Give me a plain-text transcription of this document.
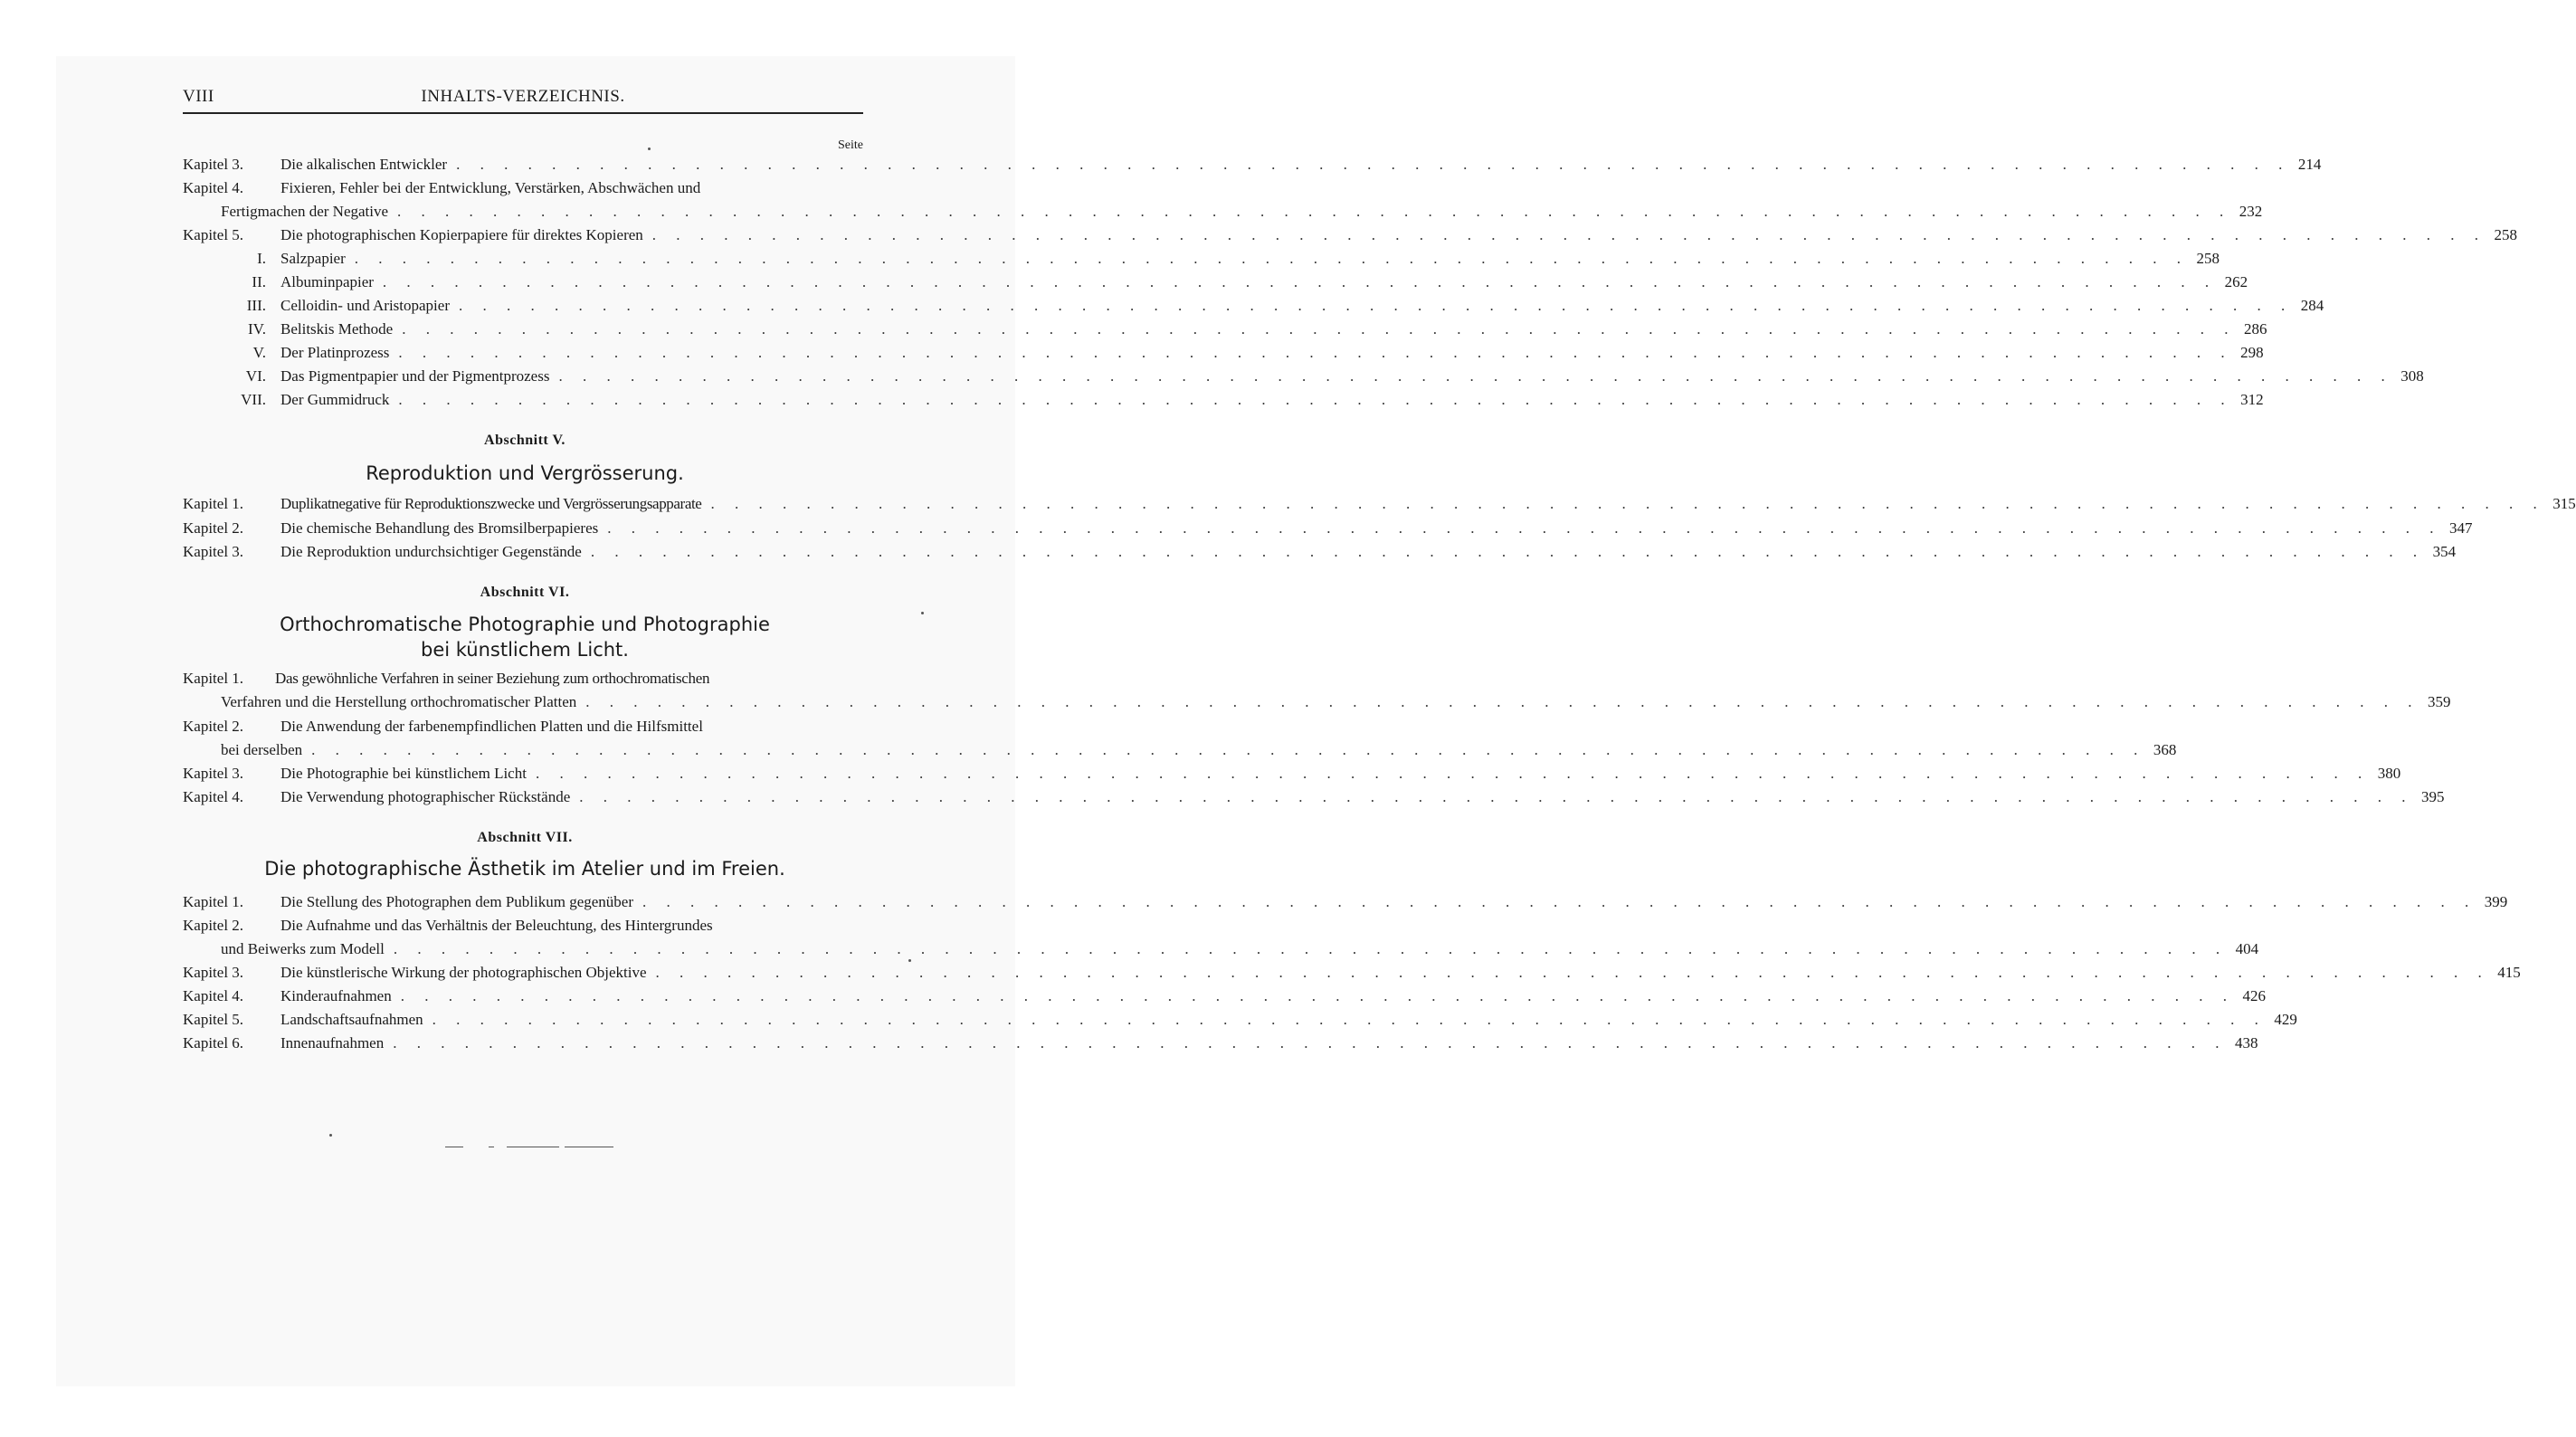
VIII	INHALTS-VERZEICHNIS.
Seite
Kapitel 3. Die alkalischen Entwickler . . .	214
Kapitel 4. Fixieren, Fehler bei der Entwicklung, Verstärken, Abschwächen und
Fertigmachen der Negative . . .	232
Kapitel 5. Die photographischen Kopierpapiere für direktes Kopieren . . .	258
I. Salzpapier . . .	258
II. Albuminpapier . . .	262
III. Celloidin- und Aristopapier . . .	284
IV. Belitskis Methode . . .	286
V. Der Platinprozess . . .	298
VI. Das Pigmentpapier und der Pigmentprozess . . .	308
VII. Der Gummidruck . . .	312
Abschnitt V.
Reproduktion und Vergrösserung.
Kapitel 1. Duplikatnegative für Reproduktionszwecke und Vergrösserungsapparate . . .	315
Kapitel 2. Die chemische Behandlung des Bromsilberpapieres . . .	347
Kapitel 3. Die Reproduktion undurchsichtiger Gegenstände . . .	354
Abschnitt VI.
Orthochromatische Photographie und Photographie
bei künstlichem Licht.
Kapitel 1. Das gewöhnliche Verfahren in seiner Beziehung zum orthochromatischen
Verfahren und die Herstellung orthochromatischer Platten . . .	359
Kapitel 2. Die Anwendung der farbenempfindlichen Platten und die Hilfsmittel
bei derselben . . .	368
Kapitel 3. Die Photographie bei künstlichem Licht . . .	380
Kapitel 4. Die Verwendung photographischer Rückstände . . .	395
Abschnitt VII.
Die photographische Ästhetik im Atelier und im Freien.
Kapitel 1. Die Stellung des Photographen dem Publikum gegenüber . . .	399
Kapitel 2. Die Aufnahme und das Verhältnis der Beleuchtung, des Hintergrundes
und Beiwerks zum Modell . . .	404
Kapitel 3. Die künstlerische Wirkung der photographischen Objektive . . .	415
Kapitel 4. Kinderaufnahmen . . .	426
Kapitel 5. Landschaftsaufnahmen . . .	429
Kapitel 6. Innenaufnahmen . . .	438
